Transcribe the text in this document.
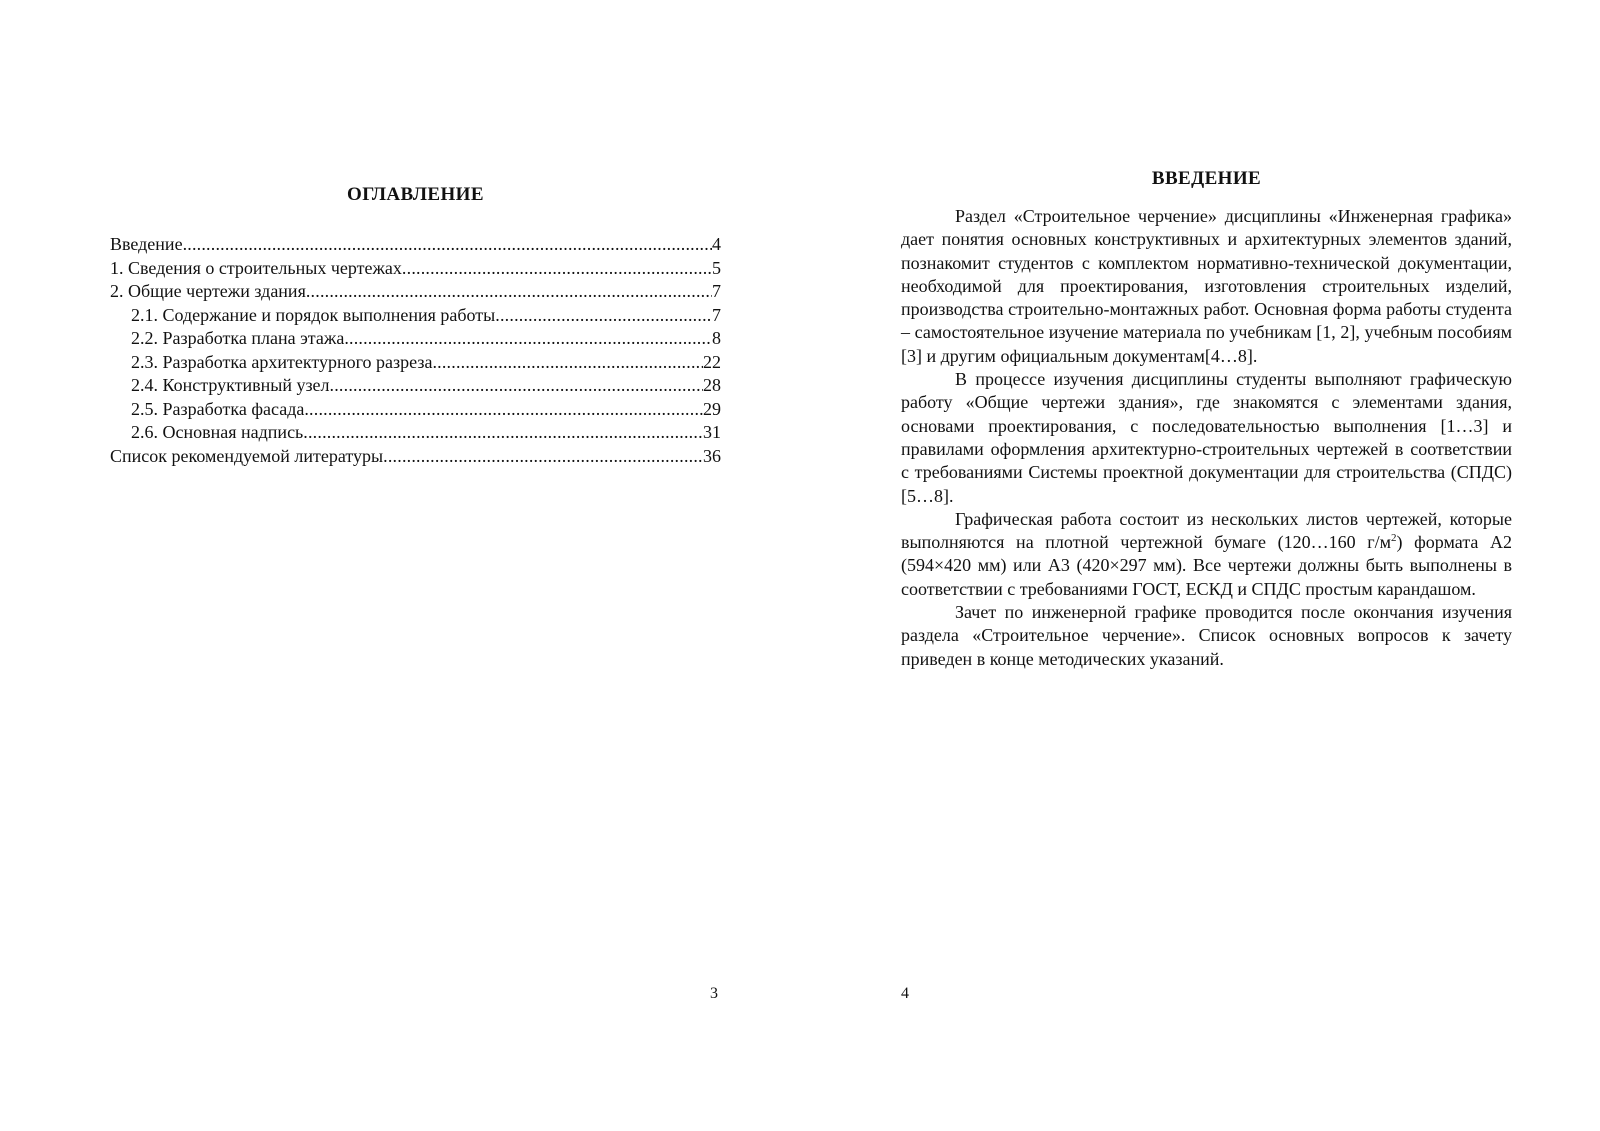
ОГЛАВЛЕНИЕ
Введение .....	4
1. Сведения о строительных чертежах .....	5
2. Общие чертежи здания .....	7
2.1. Содержание и порядок выполнения работы .....	7
2.2. Разработка плана этажа .....	8
2.3. Разработка архитектурного разреза .....	22
2.4. Конструктивный узел .....	28
2.5. Разработка фасада .....	29
2.6. Основная надпись .....	31
Список рекомендуемой литературы .....	36

3

ВВЕДЕНИЕ

Раздел «Строительное черчение» дисциплины «Инженерная графика» дает понятия основных конструктивных и архитектурных элементов зданий, познакомит студентов с комплектом нормативно-технической документации, необходимой для проектирования, изготовления строительных изделий, производства строительно-монтажных работ. Основная форма работы студента – самостоятельное изучение материала по учебникам [1, 2], учебным пособиям [3] и другим официальным документам[4…8].

В процессе изучения дисциплины студенты выполняют графическую работу «Общие чертежи здания», где знакомятся с элементами здания, основами проектирования, с последовательностью выполнения [1…3] и правилами оформления архитектурно-строительных чертежей в соответствии с требованиями Системы проектной документации для строительства (СПДС) [5…8].

Графическая работа состоит из нескольких листов чертежей, которые выполняются на плотной чертежной бумаге (120…160 $г/м^2$) формата А2 (594×420 мм) или А3 (420×297 мм). Все чертежи должны быть выполнены в соответствии с требованиями ГОСТ, ЕСКД и СПДС простым карандашом.

Зачет по инженерной графике проводится после окончания изучения раздела «Строительное черчение». Список основных вопросов к зачету приведен в конце методических указаний.

4
